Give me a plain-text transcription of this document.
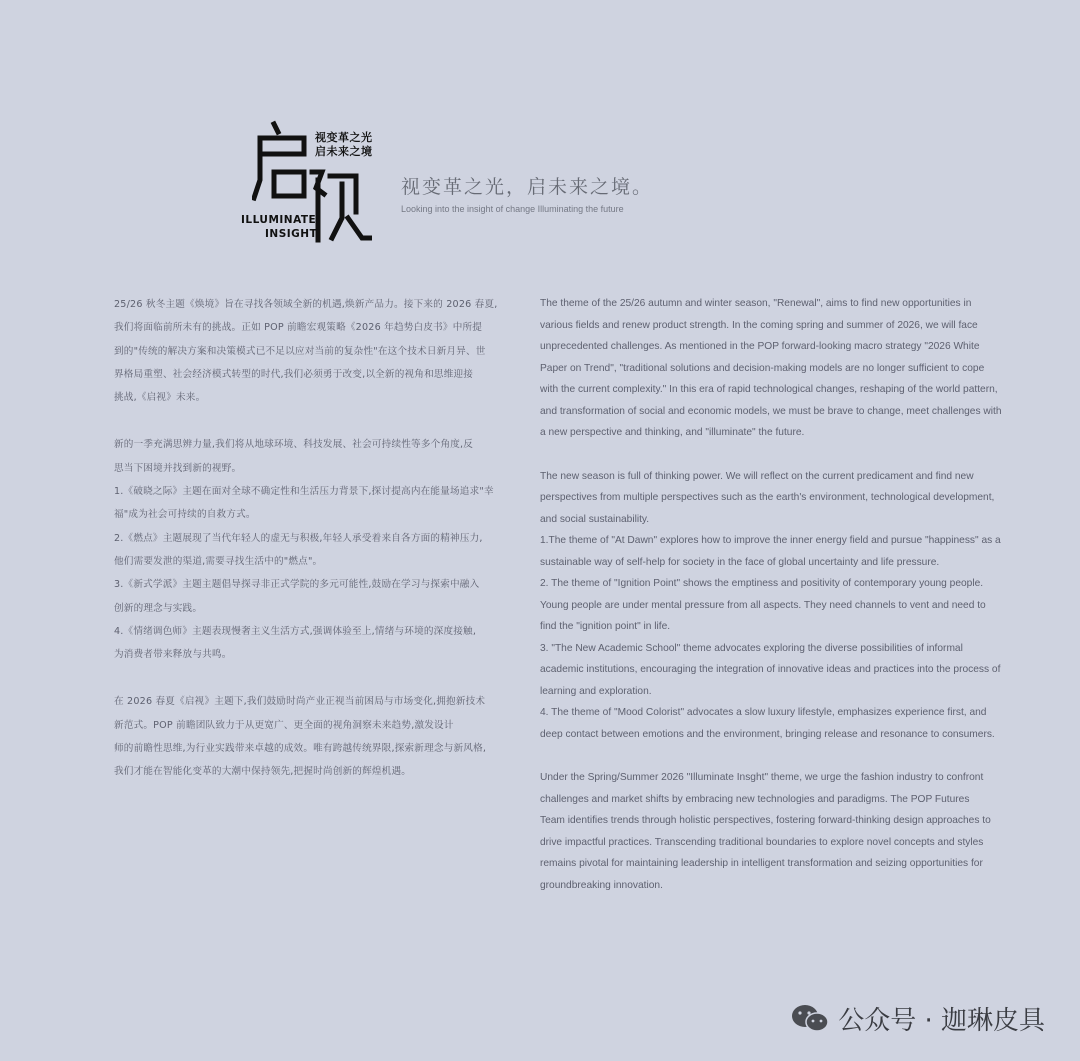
视变革之光
启未来之境
ILLUMINATE
INSIGHT
视变革之光，启未来之境。
Looking into the insight of change Illuminating the future

25/26 秋冬主题《焕境》旨在寻找各领域全新的机遇,焕新产品力。接下来的 2026 春夏,

我们将面临前所未有的挑战。正如 POP 前瞻宏观策略《2026 年趋势白皮书》中所提

到的"传统的解决方案和决策模式已不足以应对当前的复杂性"在这个技术日新月异、世

界格局重塑、社会经济模式转型的时代,我们必须勇于改变,以全新的视角和思维迎接

挑战,《启视》未来。

新的一季充满思辨力量,我们将从地球环境、科技发展、社会可持续性等多个角度,反

思当下困境并找到新的视野。

1.《破晓之际》主题在面对全球不确定性和生活压力背景下,探讨提高内在能量场追求"幸

福"成为社会可持续的自救方式。

2.《燃点》主题展现了当代年轻人的虚无与积极,年轻人承受着来自各方面的精神压力,

他们需要发泄的渠道,需要寻找生活中的"燃点"。

3.《新式学派》主题主题倡导探寻非正式学院的多元可能性,鼓励在学习与探索中融入

创新的理念与实践。

4.《情绪调色师》主题表现慢奢主义生活方式,强调体验至上,情绪与环境的深度接触,

为消费者带来释放与共鸣。

在 2026 春夏《启视》主题下,我们鼓励时尚产业正视当前困局与市场变化,拥抱新技术

新范式。POP 前瞻团队致力于从更宽广、更全面的视角洞察未来趋势,激发设计

师的前瞻性思维,为行业实践带来卓越的成效。唯有跨越传统界限,探索新理念与新风格,

我们才能在智能化变革的大潮中保持领先,把握时尚创新的辉煌机遇。

The theme of the 25/26 autumn and winter season, "Renewal", aims to find new opportunities in

various fields and renew product strength. In the coming spring and summer of 2026, we will face

unprecedented challenges. As mentioned in the POP forward-looking macro strategy "2026 White

Paper on Trend", "traditional solutions and decision-making models are no longer sufficient to cope

with the current complexity." In this era of rapid technological changes, reshaping of the world pattern,

and transformation of social and economic models, we must be brave to change, meet challenges with

a new perspective and thinking, and "illuminate" the future.

The new season is full of thinking power. We will reflect on the current predicament and find new

perspectives from multiple perspectives such as the earth's environment, technological development,

and social sustainability.

1.The theme of "At Dawn" explores how to improve the inner energy field and pursue "happiness" as a

sustainable way of self-help for society in the face of global uncertainty and life pressure.

2. The theme of "Ignition Point" shows the emptiness and positivity of contemporary young people.

Young people are under mental pressure from all aspects. They need channels to vent and need to

find the "ignition point" in life.

3. "The New Academic School" theme advocates exploring the diverse possibilities of informal

academic institutions, encouraging the integration of innovative ideas and practices into the process of

learning and exploration.

4. The theme of "Mood Colorist" advocates a slow luxury lifestyle, emphasizes experience first, and

deep contact between emotions and the environment, bringing release and resonance to consumers.

Under the Spring/Summer 2026 "Illuminate Insght" theme, we urge the fashion industry to confront

challenges and market shifts by embracing new technologies and paradigms. The POP Futures

Team identifies trends through holistic perspectives, fostering forward-thinking design approaches to

drive impactful practices. Transcending traditional boundaries to explore novel concepts and styles

remains pivotal for maintaining leadership in intelligent transformation and seizing opportunities for

groundbreaking innovation.

公众号 · 迦琳皮具
